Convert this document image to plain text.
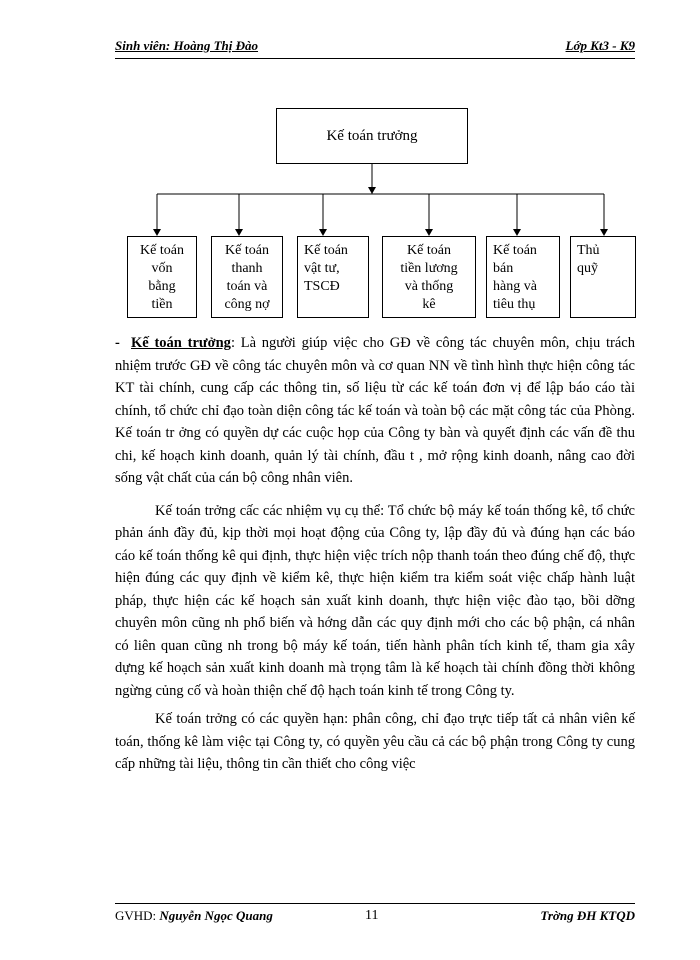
Sinh viên: Hoàng Thị Đào	Lớp Kt3 - K9
Kế toán trưởng
Kế toán
vốn
bằng
tiền
Kế toán
thanh
toán và
công nợ
Kế toán
vật tư,
TSCĐ
Kế toán
tiền lương
và thống
kê
Kế toán
bán
hàng và
tiêu thụ
Thủ
quỹ

- Kế toán trưởng: Là người giúp việc cho GĐ về công tác chuyên môn, chịu trách nhiệm trước GĐ về công tác chuyên môn và cơ quan NN về tình hình thực hiện công tác KT tài chính, cung cấp các thông tin, số liệu từ các kế toán đơn vị để lập báo cáo tài chính, tổ chức chỉ đạo toàn diện công tác kế toán và toàn bộ các mặt công tác của Phòng. Kế toán tr ởng có quyền dự các cuộc họp của Công ty bàn và quyết định các vấn đề thu chi, kế hoạch kinh doanh, quản lý tài chính, đầu t , mở rộng kinh doanh, nâng cao đời sống vật chất của cán bộ công nhân viên.

Kế toán trởng cấc các nhiệm vụ cụ thể: Tổ chức bộ máy kế toán thống kê, tổ chức phản ánh đầy đủ, kịp thời mọi hoạt động của Công ty, lập đầy đủ và đúng hạn các báo cáo kế toán thống kê qui định, thực hiện việc trích nộp thanh toán theo đúng chế độ, thực hiện đúng các quy định về kiểm kê, thực hiện kiểm tra kiểm soát việc chấp hành luật pháp, thực hiện các kế hoạch sản xuất kinh doanh, thực hiện việc đào tạo, bồi dỡng chuyên môn cũng nh phổ biến và hớng dẫn các quy định mới cho các bộ phận, cá nhân có liên quan cũng nh trong bộ máy kế toán, tiến hành phân tích kinh tế, tham gia xây dựng kế hoạch sản xuất kinh doanh mà trọng tâm là kế hoạch tài chính đồng thời không ngừng củng cố và hoàn thiện chế độ hạch toán kinh tế trong Công ty.

Kế toán trởng có các quyền hạn: phân công, chỉ đạo trực tiếp tất cả nhân viên kế toán, thống kê làm việc tại Công ty, có quyền yêu cầu cả các bộ phận trong Công ty cung cấp những tài liệu, thông tin cần thiết cho công việc

GVHD: Nguyễn Ngọc Quang	11	Trờng ĐH KTQD
